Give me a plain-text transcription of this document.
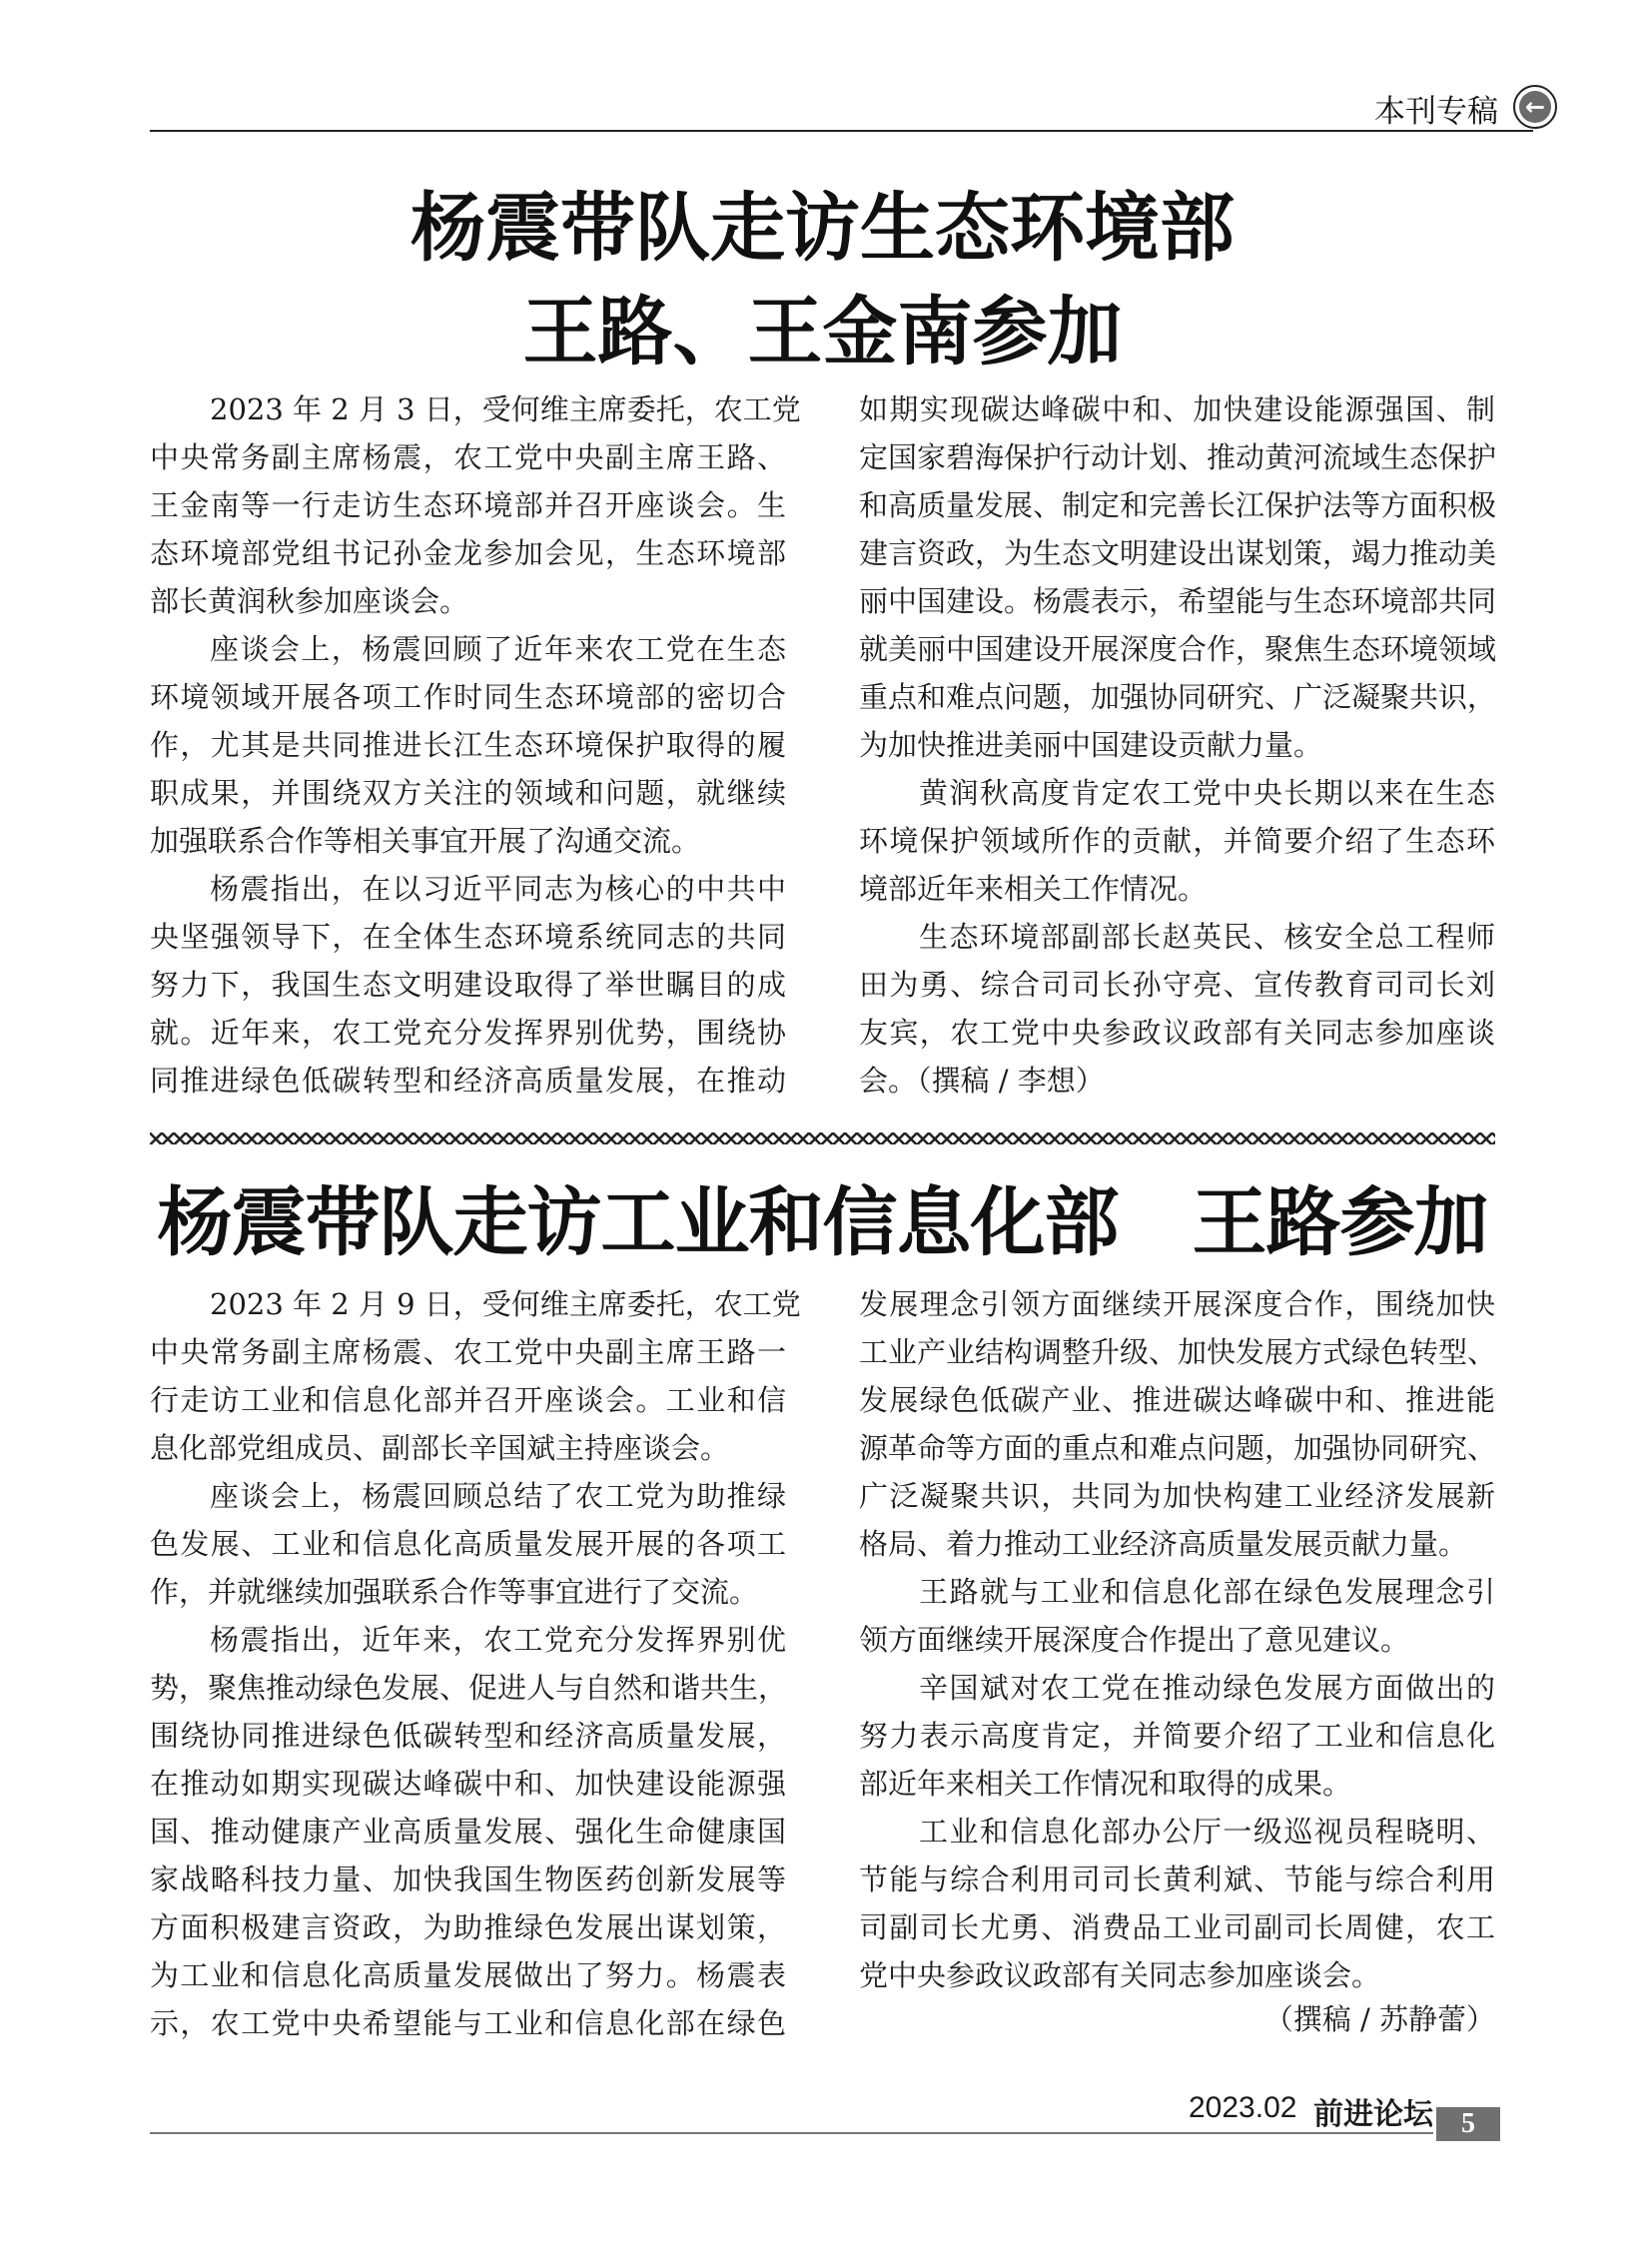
本刊专稿 ←
杨震带队走访生态环境部
王路、王金南参加
2023 年 2 月 3 日，受何维主席委托，农工党
中央常务副主席杨震，农工党中央副主席王路、
王金南等一行走访生态环境部并召开座谈会。生
态环境部党组书记孙金龙参加会见，生态环境部
部长黄润秋参加座谈会。
座谈会上，杨震回顾了近年来农工党在生态
环境领域开展各项工作时同生态环境部的密切合
作，尤其是共同推进长江生态环境保护取得的履
职成果，并围绕双方关注的领域和问题，就继续
加强联系合作等相关事宜开展了沟通交流。
杨震指出，在以习近平同志为核心的中共中
央坚强领导下，在全体生态环境系统同志的共同
努力下，我国生态文明建设取得了举世瞩目的成
就。近年来，农工党充分发挥界别优势，围绕协
同推进绿色低碳转型和经济高质量发展，在推动
如期实现碳达峰碳中和、加快建设能源强国、制
定国家碧海保护行动计划、推动黄河流域生态保护
和高质量发展、制定和完善长江保护法等方面积极
建言资政，为生态文明建设出谋划策，竭力推动美
丽中国建设。杨震表示，希望能与生态环境部共同
就美丽中国建设开展深度合作，聚焦生态环境领域
重点和难点问题，加强协同研究、广泛凝聚共识，
为加快推进美丽中国建设贡献力量。
黄润秋高度肯定农工党中央长期以来在生态
环境保护领域所作的贡献，并简要介绍了生态环
境部近年来相关工作情况。
生态环境部副部长赵英民、核安全总工程师
田为勇、综合司司长孙守亮、宣传教育司司长刘
友宾，农工党中央参政议政部有关同志参加座谈
会。（撰稿 / 李想）
杨震带队走访工业和信息化部　王路参加
2023 年 2 月 9 日，受何维主席委托，农工党
中央常务副主席杨震、农工党中央副主席王路一
行走访工业和信息化部并召开座谈会。工业和信
息化部党组成员、副部长辛国斌主持座谈会。
座谈会上，杨震回顾总结了农工党为助推绿
色发展、工业和信息化高质量发展开展的各项工
作，并就继续加强联系合作等事宜进行了交流。
杨震指出，近年来，农工党充分发挥界别优
势，聚焦推动绿色发展、促进人与自然和谐共生，
围绕协同推进绿色低碳转型和经济高质量发展，
在推动如期实现碳达峰碳中和、加快建设能源强
国、推动健康产业高质量发展、强化生命健康国
家战略科技力量、加快我国生物医药创新发展等
方面积极建言资政，为助推绿色发展出谋划策，
为工业和信息化高质量发展做出了努力。杨震表
示，农工党中央希望能与工业和信息化部在绿色
发展理念引领方面继续开展深度合作，围绕加快
工业产业结构调整升级、加快发展方式绿色转型、
发展绿色低碳产业、推进碳达峰碳中和、推进能
源革命等方面的重点和难点问题，加强协同研究、
广泛凝聚共识，共同为加快构建工业经济发展新
格局、着力推动工业经济高质量发展贡献力量。
王路就与工业和信息化部在绿色发展理念引
领方面继续开展深度合作提出了意见建议。
辛国斌对农工党在推动绿色发展方面做出的
努力表示高度肯定，并简要介绍了工业和信息化
部近年来相关工作情况和取得的成果。
工业和信息化部办公厅一级巡视员程晓明、
节能与综合利用司司长黄利斌、节能与综合利用
司副司长尤勇、消费品工业司副司长周健，农工
党中央参政议政部有关同志参加座谈会。
（撰稿 / 苏静蕾）
2023.02 前进论坛	5
